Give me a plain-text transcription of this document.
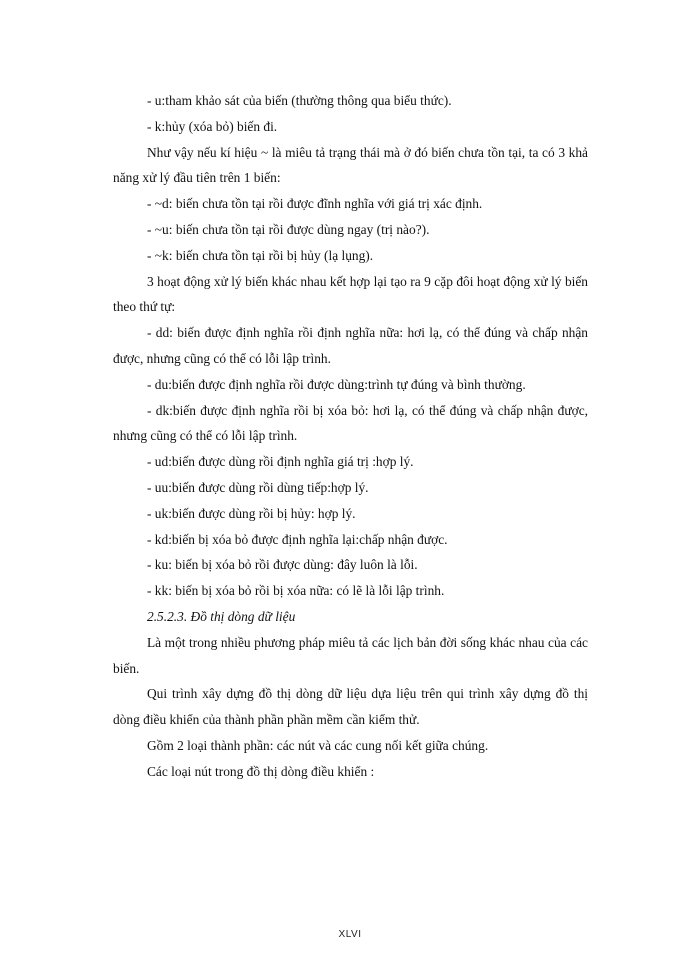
- u:tham khảo sát của biến (thường thông qua biểu thức).

- k:hủy (xóa bỏ) biến đi.

Như vậy nếu kí hiệu ~ là miêu tả trạng thái mà ở đó biến chưa tồn tại, ta có 3 khả năng xử lý đầu tiên trên 1 biến:

- ~d: biến chưa tồn tại rồi được đĩnh nghĩa với giá trị xác định.

- ~u: biến chưa tồn tại rồi được dùng ngay (trị nào?).

- ~k: biến chưa tồn tại rồi bị hủy (lạ lụng).

3 hoạt động xử lý biến khác nhau kết hợp lại tạo ra 9 cặp đôi hoạt động xử lý biến theo thứ tự:

- dd: biến được định nghĩa rồi định nghĩa nữa: hơi lạ, có thể đúng và chấp nhận được, nhưng cũng có thể có lỗi lập trình.

- du:biến được định nghĩa rồi được dùng:trình tự đúng và bình thường.

- dk:biến được định nghĩa rồi bị xóa bỏ: hơi lạ, có thể đúng và chấp nhận được, nhưng cũng có thể có lỗi lập trình.

- ud:biến được dùng rồi định nghĩa giá trị :hợp lý.

- uu:biến được dùng rồi dùng tiếp:hợp lý.

- uk:biến được dùng rồi bị hủy: hợp lý.

- kd:biến bị xóa bỏ được định nghĩa lại:chấp nhận được.

- ku: biến bị xóa bỏ rồi được dùng: đây luôn là lỗi.

- kk: biến bị xóa bỏ rồi bị xóa nữa: có lẽ là lỗi lập trình.

2.5.2.3. Đồ thị dòng dữ liệu

Là một trong nhiều phương pháp miêu tả các lịch bản đời sống khác nhau của các biến.

Qui trình xây dựng đồ thị dòng dữ liệu dựa liệu trên qui trình xây dựng đồ thị dòng điều khiển của thành phần phần mềm cần kiểm thử.

Gồm 2 loại thành phần: các nút và các cung nối kết giữa chúng.

Các loại nút trong đồ thị dòng điều khiển :

XLVI
